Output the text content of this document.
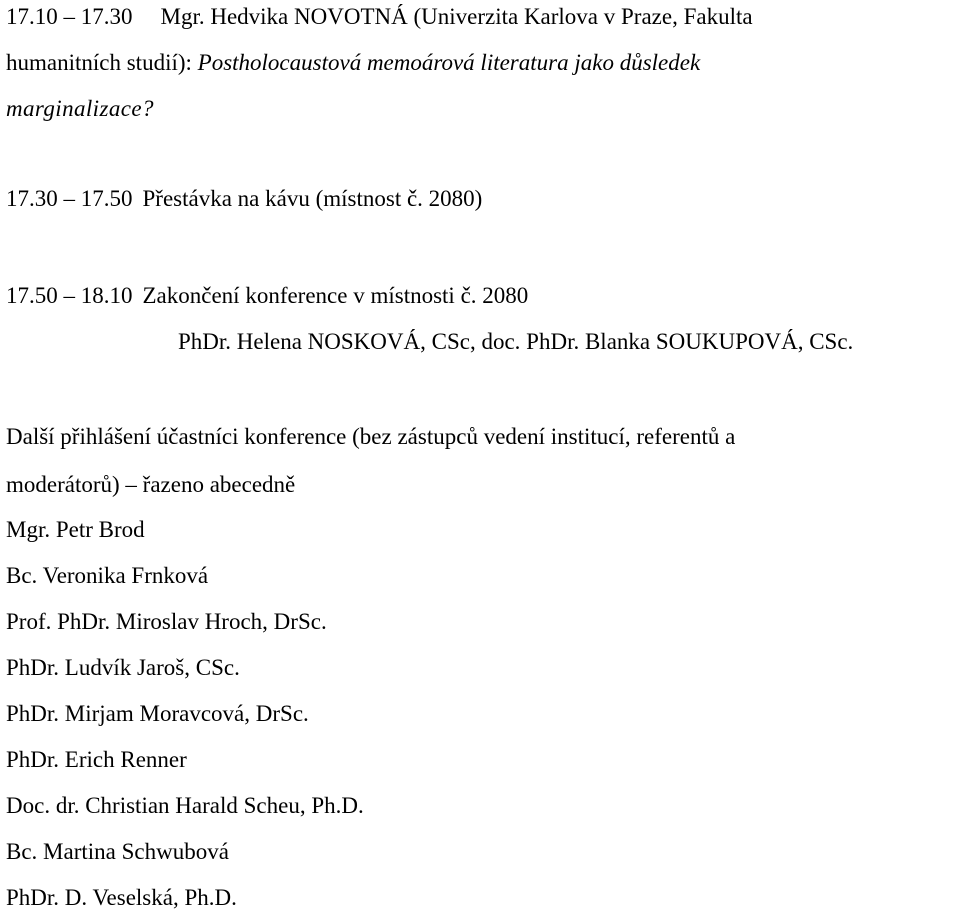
17.10 – 17.30 Mgr. Hedvika NOVOTNÁ (Univerzita Karlova v Praze, Fakulta
humanitních studií): Postholocaustová memoárová literatura jako důsledek
marginalizace?
17.30 – 17.50 Přestávka na kávu (místnost č. 2080)
17.50 – 18.10 Zakončení konference v místnosti č. 2080
PhDr. Helena NOSKOVÁ, CSc, doc. PhDr. Blanka SOUKUPOVÁ, CSc.
Další přihlášení účastníci konference (bez zástupců vedení institucí, referentů a
moderátorů) – řazeno abecedně
Mgr. Petr Brod
Bc. Veronika Frnková
Prof. PhDr. Miroslav Hroch, DrSc.
PhDr. Ludvík Jaroš, CSc.
PhDr. Mirjam Moravcová, DrSc.
PhDr. Erich Renner
Doc. dr. Christian Harald Scheu, Ph.D.
Bc. Martina Schwubová
PhDr. D. Veselská, Ph.D.
